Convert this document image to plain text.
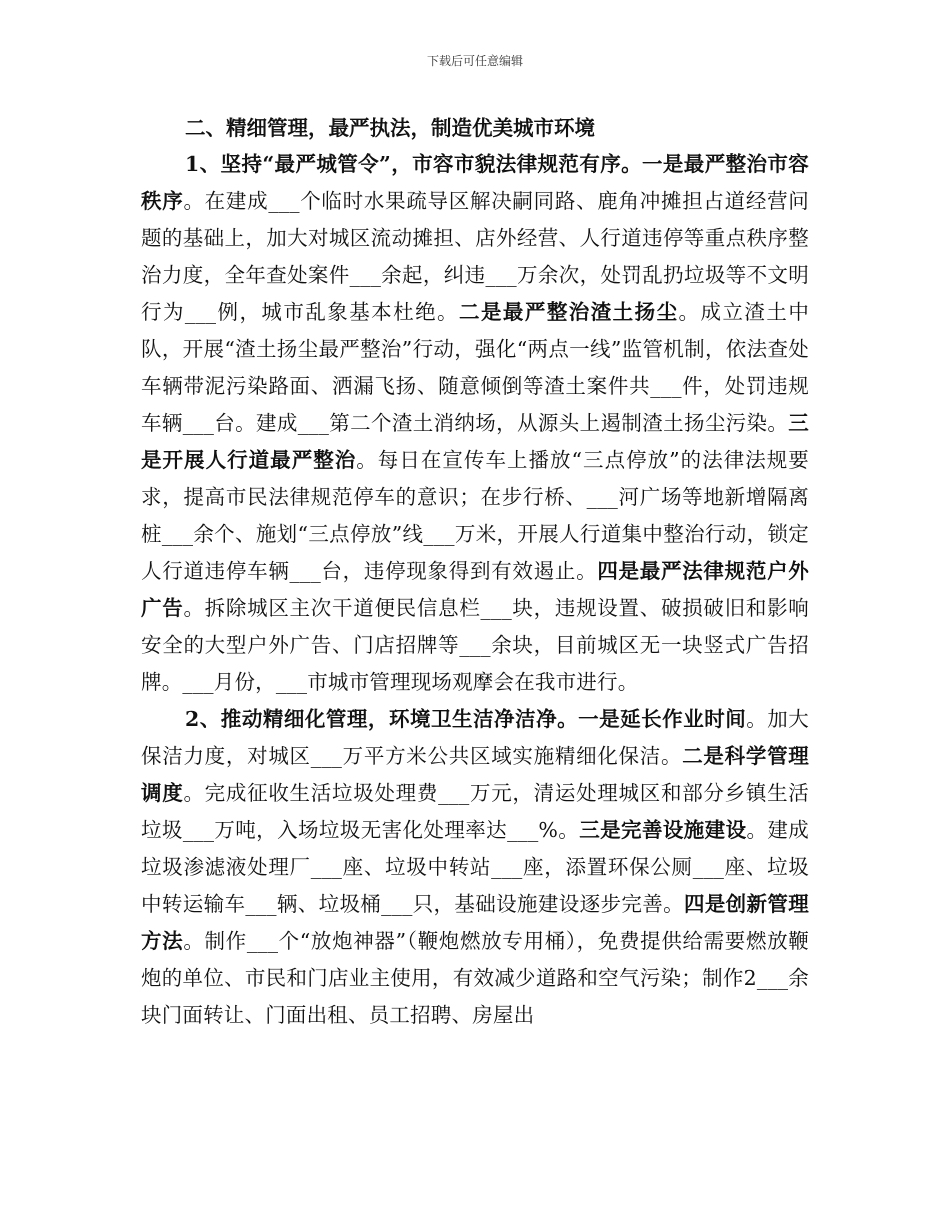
下载后可任意编辑
二、精细管理，最严执法，制造优美城市环境

1、坚持“最严城管令”，市容市貌法律规范有序。一是最严整治市容秩序。在建成___个临时水果疏导区解决嗣同路、鹿角冲摊担占道经营问题的基础上，加大对城区流动摊担、店外经营、人行道违停等重点秩序整治力度，全年查处案件___余起，纠违___万余次，处罚乱扔垃圾等不文明行为___例，城市乱象基本杜绝。二是最严整治渣土扬尘。成立渣土中队，开展“渣土扬尘最严整治”行动，强化“两点一线”监管机制，依法查处车辆带泥污染路面、洒漏飞扬、随意倾倒等渣土案件共___件，处罚违规车辆___台。建成___第二个渣土消纳场，从源头上遏制渣土扬尘污染。三是开展人行道最严整治。每日在宣传车上播放“三点停放”的法律法规要求，提高市民法律规范停车的意识；在步行桥、___河广场等地新增隔离桩___余个、施划“三点停放”线___万米，开展人行道集中整治行动，锁定人行道违停车辆___台，违停现象得到有效遏止。四是最严法律规范户外广告。拆除城区主次干道便民信息栏___块，违规设置、破损破旧和影响安全的大型户外广告、门店招牌等___余块，目前城区无一块竖式广告招牌。___月份，___市城市管理现场观摩会在我市进行。

2、推动精细化管理，环境卫生洁净洁净。一是延长作业时间。加大保洁力度，对城区___万平方米公共区域实施精细化保洁。二是科学管理调度。完成征收生活垃圾处理费___万元，清运处理城区和部分乡镇生活垃圾___万吨，入场垃圾无害化处理率达___%。三是完善设施建设。建成垃圾渗滤液处理厂___座、垃圾中转站___座，添置环保公厕___座、垃圾中转运输车___辆、垃圾桶___只，基础设施建设逐步完善。四是创新管理方法。制作___个“放炮神器”（鞭炮燃放专用桶），免费提供给需要燃放鞭炮的单位、市民和门店业主使用，有效减少道路和空气污染；制作2___余块门面转让、门面出租、员工招聘、房屋出
